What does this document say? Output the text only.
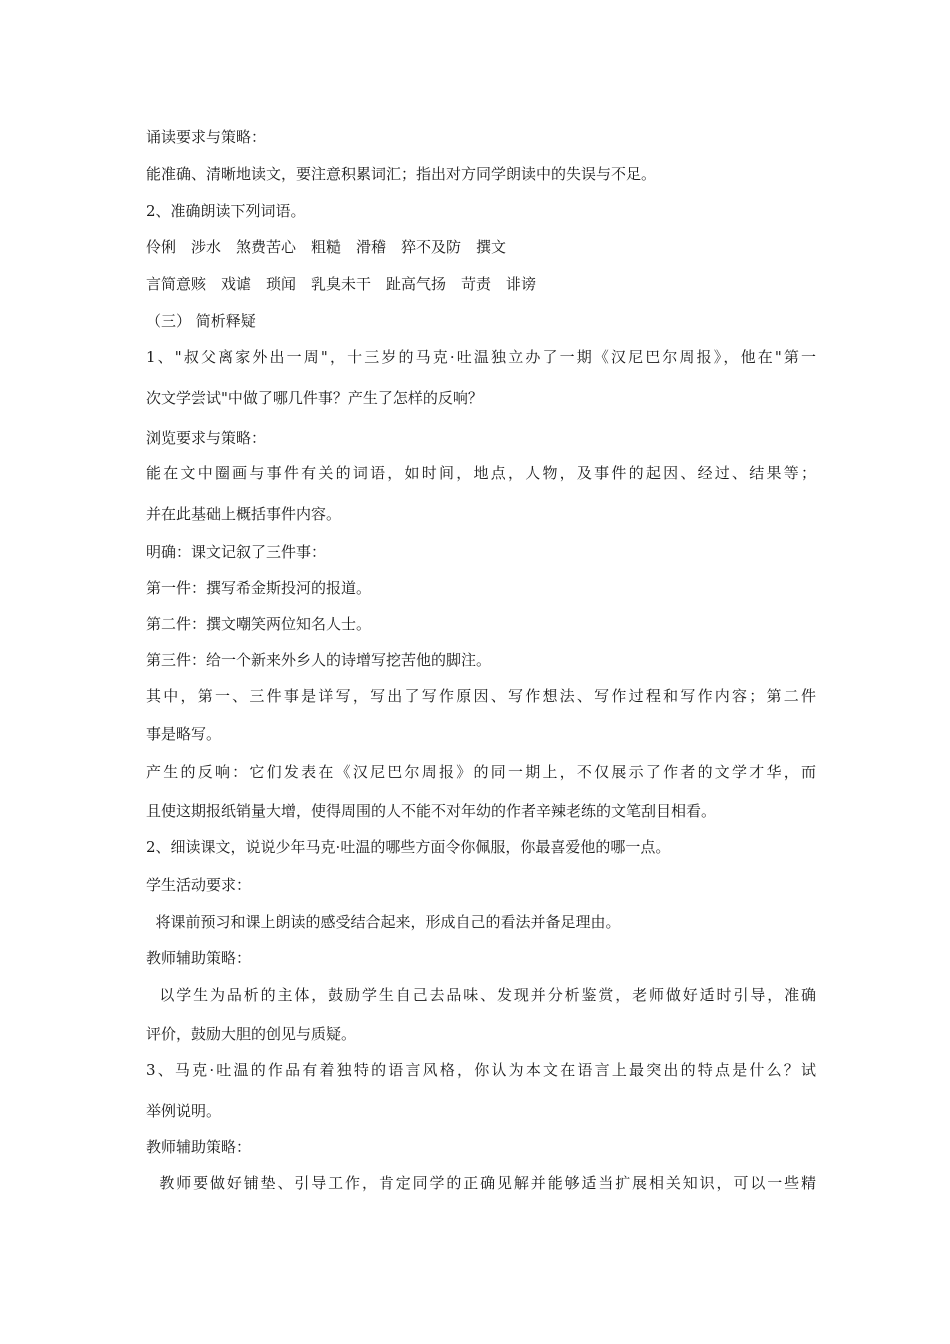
诵读要求与策略：
能准确、清晰地读文，要注意积累词汇；指出对方同学朗读中的失误与不足。
2、准确朗读下列词语。
伶俐　涉水　煞费苦心　粗糙　滑稽　猝不及防　撰文
言简意赅　戏谑　琐闻　乳臭未干　趾高气扬　苛责　诽谤
（三） 简析释疑
1、"叔父离家外出一周"，十三岁的马克·吐温独立办了一期《汉尼巴尔周报》，他在"第一
次文学尝试"中做了哪几件事？产生了怎样的反响？
浏览要求与策略：
能在文中圈画与事件有关的词语，如时间，地点，人物，及事件的起因、经过、结果等；
并在此基础上概括事件内容。
明确：课文记叙了三件事：
第一件：撰写希金斯投河的报道。
第二件：撰文嘲笑两位知名人士。
第三件：给一个新来外乡人的诗增写挖苦他的脚注。
其中，第一、三件事是详写，写出了写作原因、写作想法、写作过程和写作内容；第二件
事是略写。
产生的反响：它们发表在《汉尼巴尔周报》的同一期上，不仅展示了作者的文学才华，而
且使这期报纸销量大增，使得周围的人不能不对年幼的作者辛辣老练的文笔刮目相看。
2、细读课文，说说少年马克·吐温的哪些方面令你佩服，你最喜爱他的哪一点。
学生活动要求：
将课前预习和课上朗读的感受结合起来，形成自己的看法并备足理由。
教师辅助策略：
以学生为品析的主体，鼓励学生自己去品味、发现并分析鉴赏，老师做好适时引导，准确
评价，鼓励大胆的创见与质疑。
3、马克·吐温的作品有着独特的语言风格，你认为本文在语言上最突出的特点是什么？试
举例说明。
教师辅助策略：
教师要做好铺垫、引导工作，肯定同学的正确见解并能够适当扩展相关知识，可以一些精
